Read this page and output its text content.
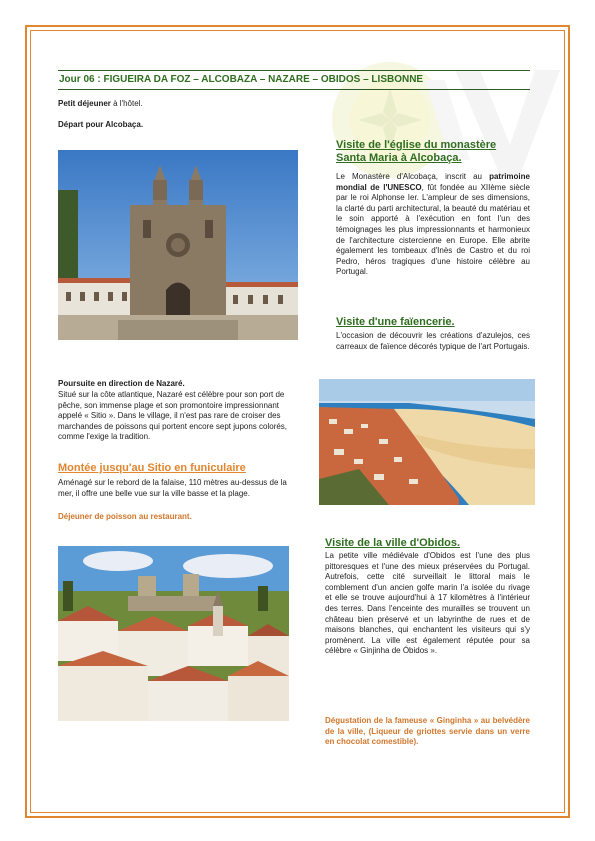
Jour 06 : FIGUEIRA DA FOZ – ALCOBAZA – NAZARE – OBIDOS – LISBONNE
Petit déjeuner à l'hôtel.
Départ pour Alcobaça.
Visite de l'église du monastère
Santa Maria à Alcobaça.
Le Monastère d'Alcobaça, inscrit au patrimoine mondial de l'UNESCO, fût fondée au XIIème siècle par le roi Alphonse Ier. L'ampleur de ses dimensions, la clarté du parti architectural, la beauté du matériau et le soin apporté à l'exécution en font l'un des témoignages les plus impressionnants et harmonieux de l'architecture cistercienne en Europe. Elle abrite également les tombeaux d'Inès de Castro et du roi Pedro, héros tragiques d'une histoire célèbre au Portugal.
Visite d'une faïencerie.
L'occasion de découvrir les créations d'azulejos, ces carreaux de faïence décorés typique de l'art Portugais.
Poursuite en direction de Nazaré.
Situé sur la côte atlantique, Nazaré est célèbre pour son port de pêche, son immense plage et son promontoire impressionnant appelé « Sitio ». Dans le village, il n'est pas rare de croiser des marchandes de poissons qui portent encore sept jupons colorés, comme l'exige la tradition.
Montée jusqu'au Sitio en funiculaire
Aménagé sur le rebord de la falaise, 110 mètres au-dessus de la mer, il offre une belle vue sur la ville basse et la plage.
Déjeuner de poisson au restaurant.
Visite de la ville d'Obidos.
La petite ville médiévale d'Obidos est l'une des plus pittoresques et l'une des mieux préservées du Portugal. Autrefois, cette cité surveillait le littoral mais le comblement d'un ancien golfe marin l'a isolée du rivage et elle se trouve aujourd'hui à 17 kilomètres à l'intérieur des terres. Dans l'enceinte des murailles se trouvent un château bien préservé et un labyrinthe de rues et de maisons blanches, qui enchantent les visiteurs qui s'y promènent. La ville est également réputée pour sa célèbre « Ginjinha de Óbidos ».
Dégustation de la fameuse « Ginginha » au belvédère de la ville, (Liqueur de griottes servie dans un verre en chocolat comestible).
